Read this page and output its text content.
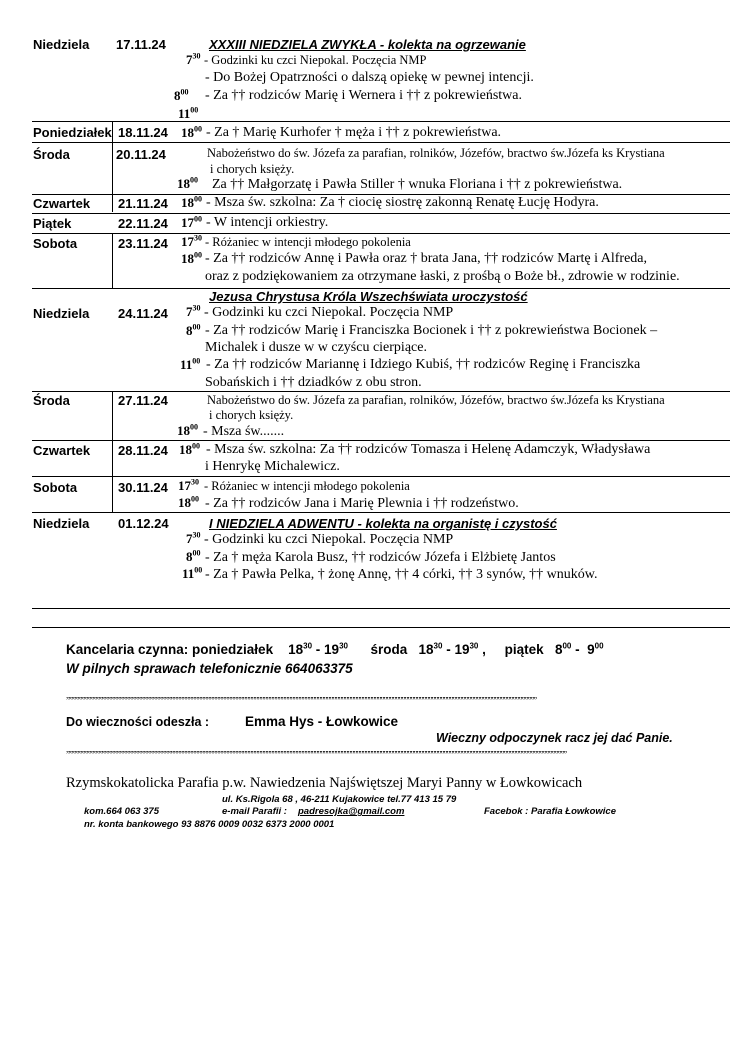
Niedziela 17.11.24	XXXIII NIEDZIELA ZWYKŁA - kolekta na ogrzewanie
$7^{30}$ - Godzinki ku czci Niepokal. Poczęcia NMP
- Do Bożej Opatrzności o dalszą opiekę w pewnej intencji.
$8^{00}$ - Za †† rodziców Marię i Wernera i †† z pokrewieństwa.
$11^{00}$
Poniedziałek 18.11.24 $18^{00}$ - Za † Marię Kurhofer † męża i †† z pokrewieństwa.
Środa	20.11.24	Nabożeństwo do św. Józefa za parafian, rolników, Józefów, bractwo św.Józefa ks Krystiana
i chorych księży.
$18^{00}$ Za †† Małgorzatę i Pawła Stiller † wnuka Floriana i †† z pokrewieństwa.
Czwartek 21.11.24 $18^{00}$ - Msza św. szkolna: Za † ciocię siostrę zakonną Renatę Łucję Hodyra.
Piątek	22.11.24 $17^{00}$ - W intencji orkiestry.
Sobota	23.11.24 $17^{30}$ - Różaniec w intencji młodego pokolenia
$18^{00}$ - Za †† rodziców Annę i Pawła oraz † brata Jana, †† rodziców Martę i Alfreda,
oraz z podziękowaniem za otrzymane łaski, z prośbą o Boże bł., zdrowie w rodzinie.
Jezusa Chrystusa Króla Wszechświata uroczystość
Niedziela 24.11.24 $7^{30}$ - Godzinki ku czci Niepokal. Poczęcia NMP
$8^{00}$ - Za †† rodziców Marię i Franciszka Bocionek i †† z pokrewieństwa Bocionek –
Michalek i dusze w w czyścu cierpiące.
$11^{00}$ - Za †† rodziców Mariannę i Idziego Kubiś, †† rodziców Reginę i Franciszka
Sobańskich i †† dziadków z obu stron.
Środa	27.11.24	Nabożeństwo do św. Józefa za parafian, rolników, Józefów, bractwo św.Józefa ks Krystiana
i chorych księży.
$18^{00}$ - Msza św.......
Czwartek 28.11.24 $18^{00}$ - Msza św. szkolna: Za †† rodziców Tomasza i Helenę Adamczyk, Władysława
i Henrykę Michalewicz.
Sobota	30.11.24 $17^{30}$ - Różaniec w intencji młodego pokolenia
$18^{00}$ - Za †† rodziców Jana i Marię Plewnia i †† rodzeństwo.
Niedziela 01.12.24	I NIEDZIELA ADWENTU - kolekta na organistę i czystość
$7^{30}$ - Godzinki ku czci Niepokal. Poczęcia NMP
$8^{00}$ - Za † męża Karola Busz, †† rodziców Józefa i Elżbietę Jantos
$11^{00}$ - Za † Pawła Pelka, † żonę Annę, †† 4 córki, †† 3 synów, †† wnuków.
Kancelaria czynna: poniedziałek $18^{30} - 19^{30}$ środa $18^{30} - 19^{30}$ ,     piątek $8^{00} - 9^{00}$
W pilnych sprawach telefonicznie 664063375
„„„„„„„„„„„„„„„„„„„„„„„„„„„„„„„„„„„„„„„„„„„„„„„„„„„„„„„„„„„„„„„„„„„„„„„„„„„„„„„„„„„„„„„„„„„„„„„„„„„„„„„„„„„„„„„„„„„„„„„„„„„„„„„„„„„„„„„„„„„„„„„„„„„„„„„„„„„„„
Do wieczności odeszła :	Emma Hys - Łowkowice
Wieczny odpoczynek racz jej dać Panie.
„„„„„„„„„„„„„„„„„„„„„„„„„„„„„„„„„„„„„„„„„„„„„„„„„„„„„„„„„„„„„„„„„„„„„„„„„„„„„„„„„„„„„„„„„„„„„„„„„„„„„„„„„„„„„„„„„„„„„„„„„„„„„„„„„„„„„„„„„„„„„„„„„„„„„„„„„„„„„„„„„„„„„„„
Rzymskokatolicka Parafia p.w. Nawiedzenia Najświętszej Maryi Panny w Łowkowicach
ul. Ks.Rigola 68 , 46-211 Kujakowice tel.77 413 15 79
kom.664 063 375	e-mail Parafii : padresojka@gmail.com	Facebok : Parafia Łowkowice
nr. konta bankowego 93 8876 0009 0032 6373 2000 0001
